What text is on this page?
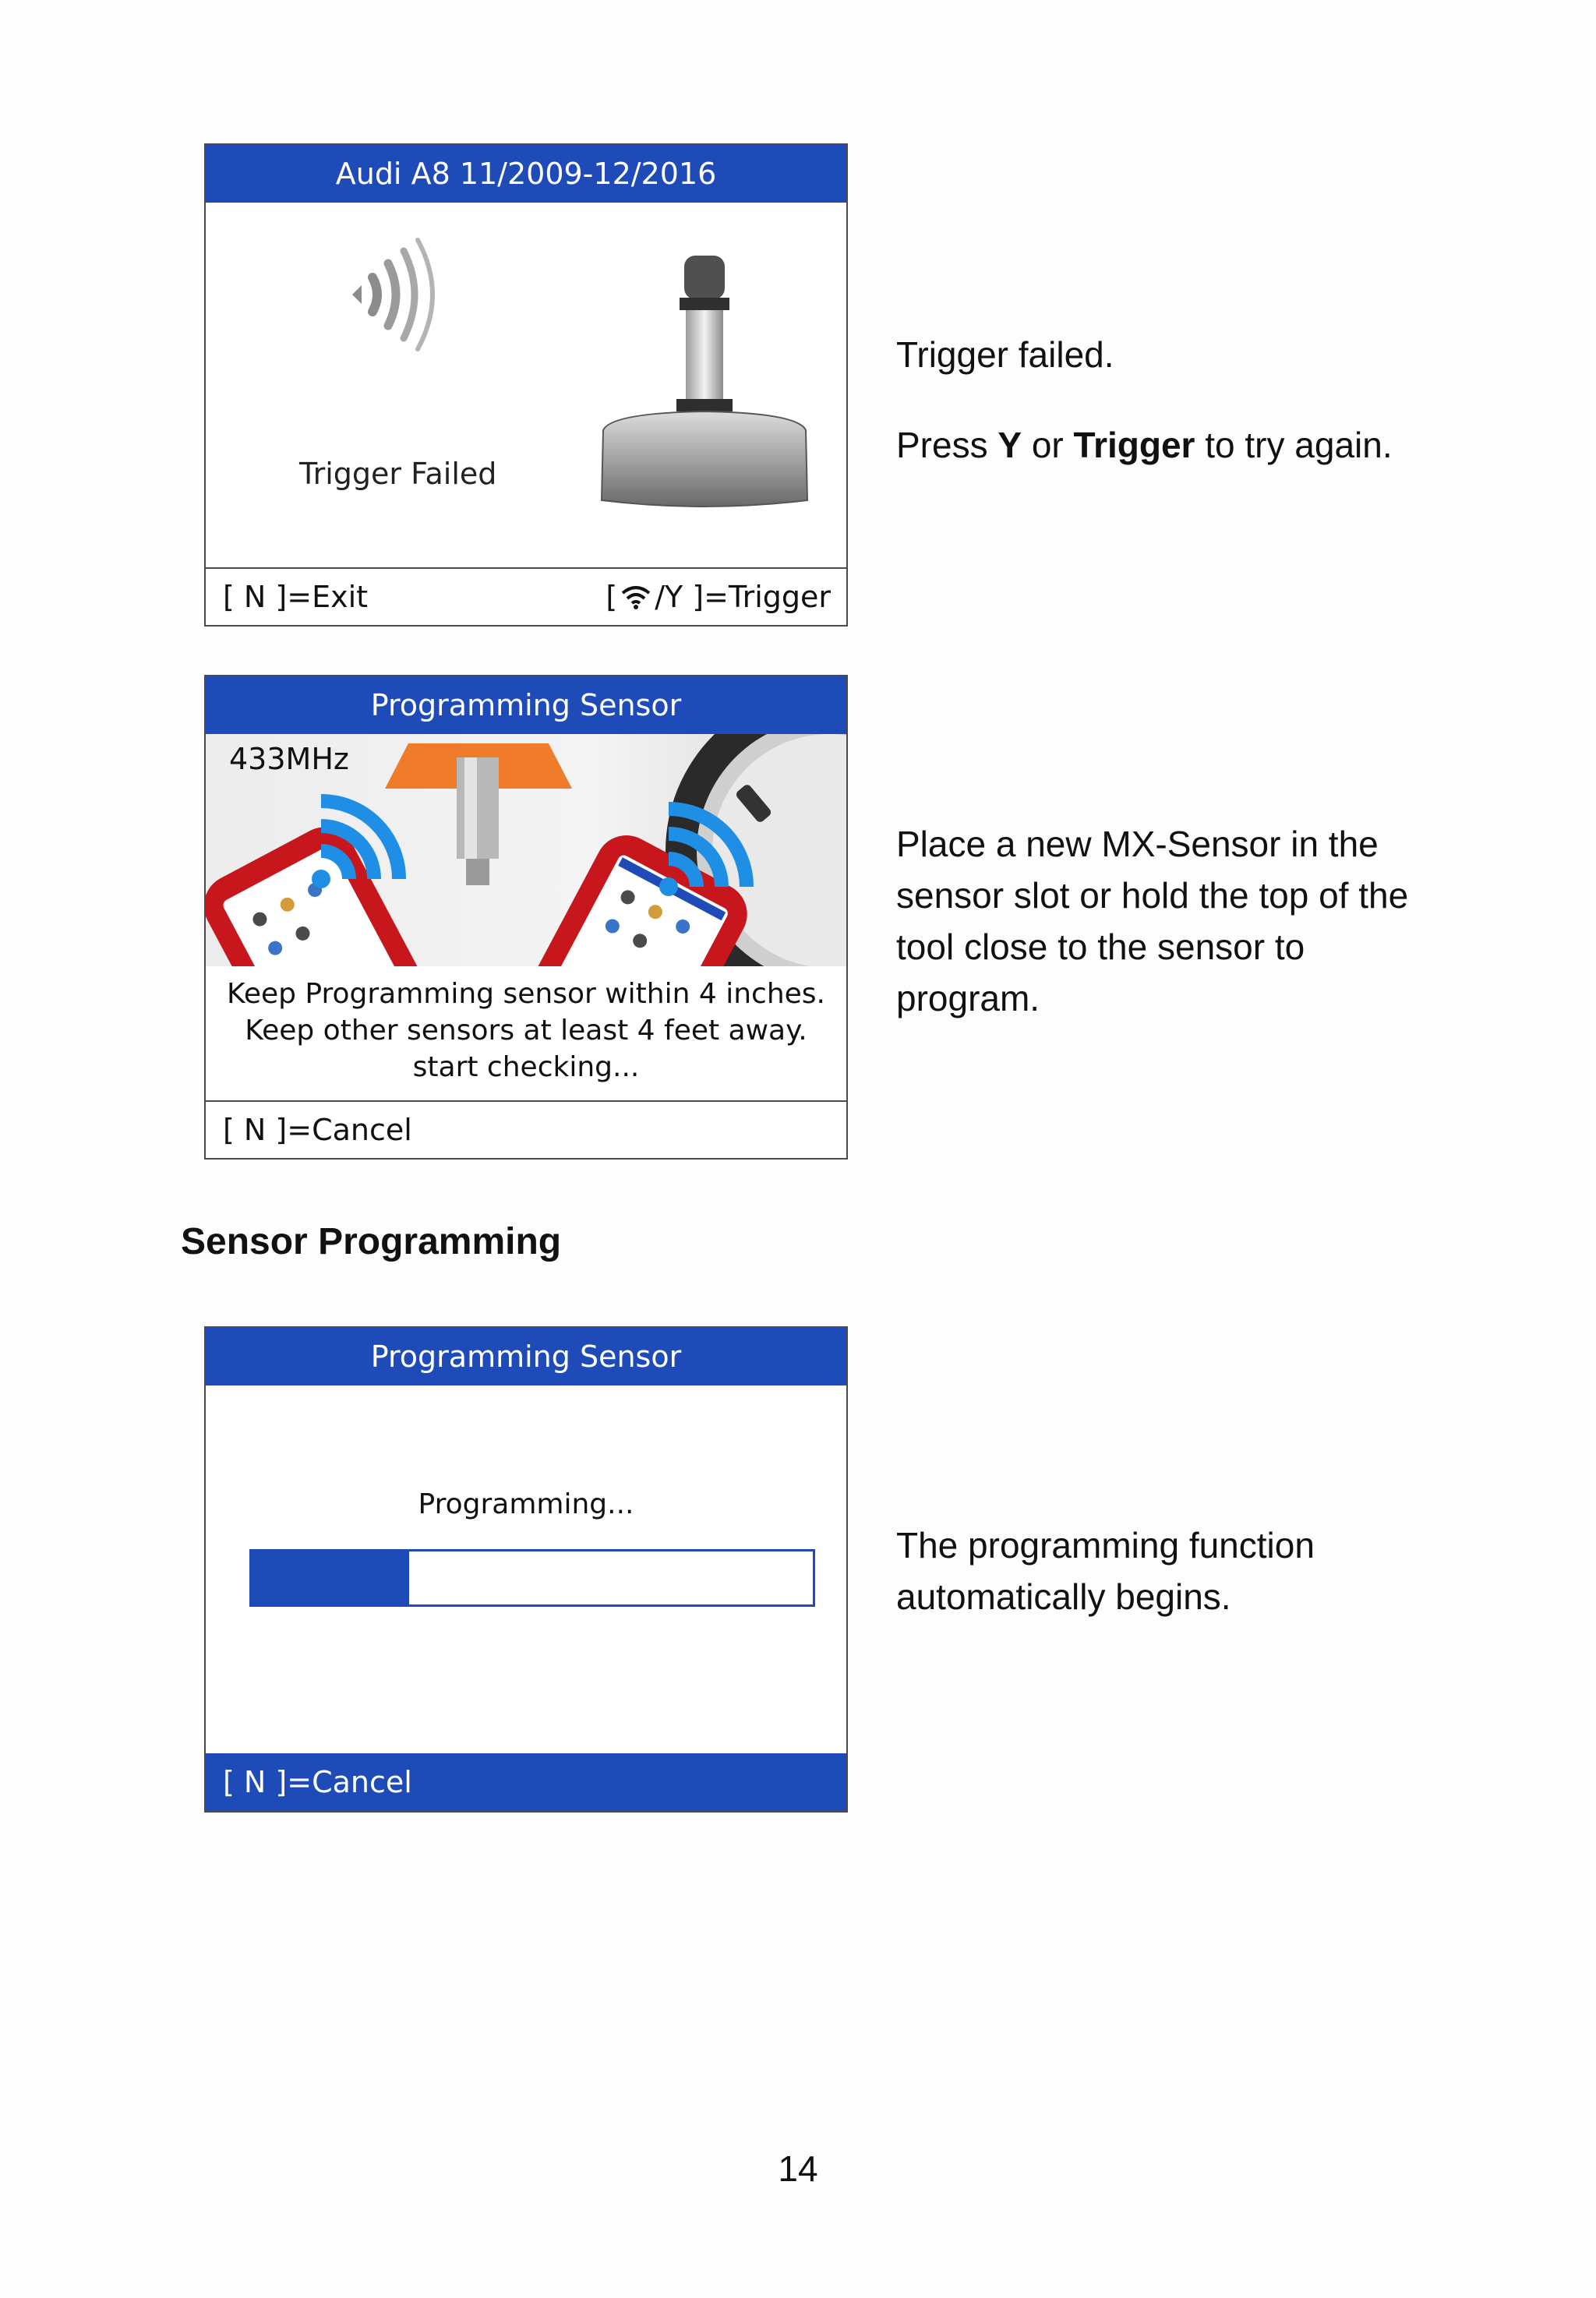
Audi A8 11/2009-12/2016
Trigger Failed
[ N ]=Exit	[ /Y ]=Trigger

Trigger failed.

Press Y or Trigger to try again.

Programming Sensor
433MHz
Keep Programming sensor within 4 inches.
Keep other sensors at least 4 feet away.
start checking...
[ N ]=Cancel

Place a new MX-Sensor in the

sensor slot or hold the top of the

tool close to the sensor to

program.

Sensor Programming
Programming Sensor
Programming...
[ N ]=Cancel

The programming function

automatically begins.

14
